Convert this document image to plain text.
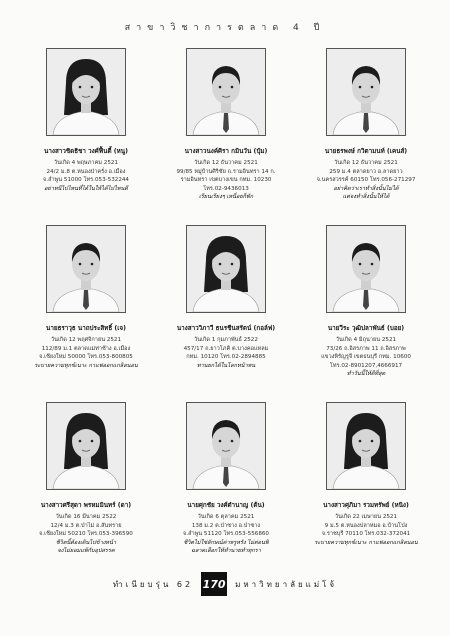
สาขาวิชาการตลาด 4 ปี
นางสาวชิดธิชา วงศ์ฟื้นตี้ (หนู)
วันเกิด 4 พฤษภาคม 2521
24/2 ม.8 ต.หนองป่าครั่ง อ.เมือง
จ.ลำพูน 51000 โทร.053-532244
อย่าหนีไปไหนที่ได้ในให้ได้ไปไหนดี
นางสาวนงค์ศิรา กมินวัน (ปุ๋ม)
วันเกิด 12 ธันวาคม 2521
99/85 หมู่บ้านศิริชัย ถ.รามอินทรา 14 ก.
รามอินทรา เขตบางเขน กทม. 10230
โทร.02-9436013
เรียนเรียงๆ เหนื่อยก็พัก
นายธรพงษ์ กวิตามนท์ (เคนส์)
วันเกิด 12 ธันวาคม 2521
259 ม.4 ตลาดยาว อ.ลาดยาว
จ.นครสวรรค์ 60150 โทร.056-271297
อย่าคิดว่าเราทำสิ่งนั้นไม่ได้
แต่จงทำสิ่งนั้นให้ได้
นายธราวุธ นาถประสิทธิ์ (เจ)
วันเกิด 12 พฤศจิกายน 2521
112/89 ม.1 ตลาดแม่ท่าช้าง อ.เมือง
จ.เชียงใหม่ 50000 โทร.053-800805
ระบายความทุกข์เนาะ กาแฟออกแกลิลนอน
นางสาววิภาวี ธนรชีนสรัตน์ (กอล์ฟ)
วันเกิด 1 กุมภาพันธ์ 2522
457/17 ถ.ยาวโภคิ ต.บางคอแหลม
กทม. 10120 โทร.02-2894885
ทานยกได้ในโลกหน้าหน
นายวีระ วุฒิปลาพันธ์ (บอย)
วันเกิด 4 มิถุนายน 2521
73/26 ถ.อิสรภาพ 11 ถ.อิสรภาพ
แขวงหิรัญรูจี เขตธนบุรี กทม. 10600
โทร.02-8901207,4666917
ทำวันนี้ให้ดีที่สุด
นางสาวศรีสุดา พรหมมินทร์ (ดา)
วันเกิด 16 มีนาคม 2522
12/4 ม.3 ต.ป่าไม่ อ.สันทราย
จ.เชียงใหม่ 50210 โทร.053-396590
ชีวิตนี้ต้องเดินไปข้างหน้า
จงไม่ยอมแพ้กับอุปสรรค
นายศุกชัย วงศ์ตำนาญ (ต้น)
วันเกิด 6 ตุลาคม 2521
138 ม.2 ต.ป่าซาง อ.ป่าซาง
จ.ลำพูน 51120 โทร.053-556860
ชีวิตไม่ใช่ลักษณ์ค่าหรูหรัง ไม่ต่อนพิ
ฉลาดเลือกให้ทำนายทำทุกรา
นางสาวศุภิมา รวมทรัพย์ (หนิง)
วันเกิด 22 เมษายน 2521
9 ม.5 ต.หนองปลาหมอ อ.บ้านโป่ง
จ.ราชบุรี 70110 โทร.032-372041
ระบายความทุกข์เนาะ กาแฟออกแกลิลนอน
ทำเนียบรุ่น 62 170 มหาวิทยาลัยแม่โจ้
